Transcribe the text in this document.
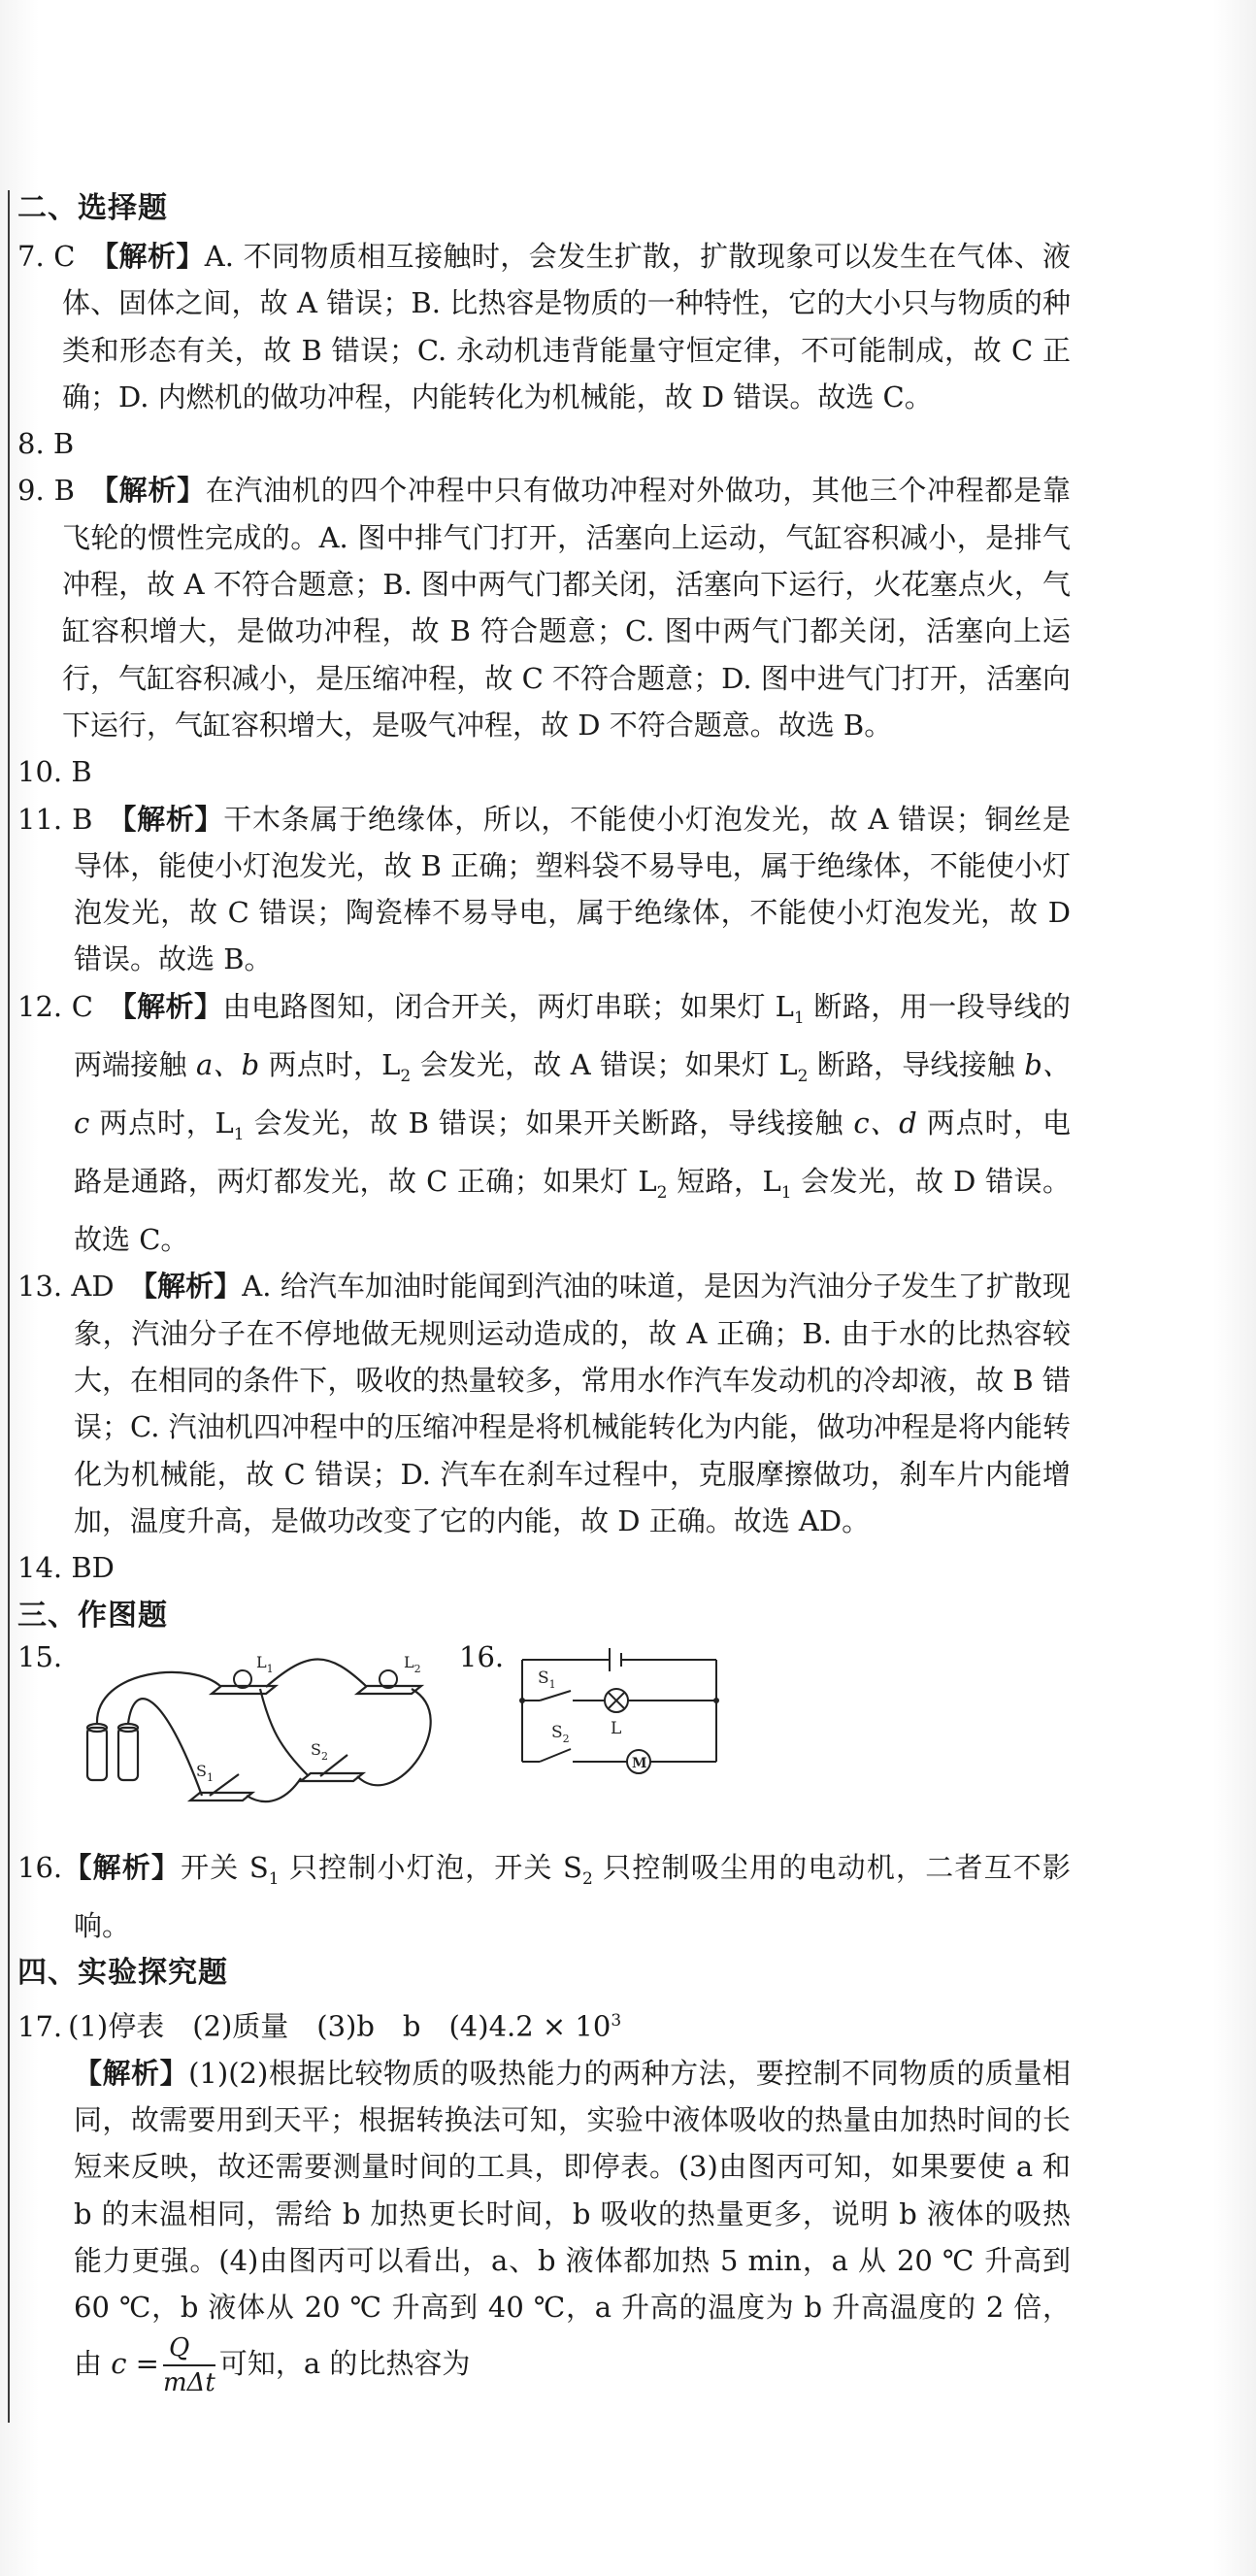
二、选择题
7. C 【解析】A. 不同物质相互接触时，会发生扩散，扩散现象可以发生在气体、液体、固体之间，故 A 错误；B. 比热容是物质的一种特性，它的大小只与物质的种类和形态有关，故 B 错误；C. 永动机违背能量守恒定律，不可能制成，故 C 正确；D. 内燃机的做功冲程，内能转化为机械能，故 D 错误。故选 C。
8. B
9. B 【解析】在汽油机的四个冲程中只有做功冲程对外做功，其他三个冲程都是靠飞轮的惯性完成的。A. 图中排气门打开，活塞向上运动，气缸容积减小，是排气冲程，故 A 不符合题意；B. 图中两气门都关闭，活塞向下运行，火花塞点火，气缸容积增大，是做功冲程，故 B 符合题意；C. 图中两气门都关闭，活塞向上运行，气缸容积减小，是压缩冲程，故 C 不符合题意；D. 图中进气门打开，活塞向下运行，气缸容积增大，是吸气冲程，故 D 不符合题意。故选 B。
10. B
11. B 【解析】干木条属于绝缘体，所以，不能使小灯泡发光，故 A 错误；铜丝是导体，能使小灯泡发光，故 B 正确；塑料袋不易导电，属于绝缘体，不能使小灯泡发光，故 C 错误；陶瓷棒不易导电，属于绝缘体，不能使小灯泡发光，故 D 错误。故选 B。
12. C 【解析】由电路图知，闭合开关，两灯串联；如果灯 $L_1$ 断路，用一段导线的两端接触 a、b 两点时，$L_2$ 会发光，故 A 错误；如果灯 $L_2$ 断路，导线接触 b、c 两点时，$L_1$ 会发光，故 B 错误；如果开关断路，导线接触 c、d 两点时，电路是通路，两灯都发光，故 C 正确；如果灯 $L_2$ 短路，$L_1$ 会发光，故 D 错误。故选 C。
13. AD 【解析】A. 给汽车加油时能闻到汽油的味道，是因为汽油分子发生了扩散现象，汽油分子在不停地做无规则运动造成的，故 A 正确；B. 由于水的比热容较大，在相同的条件下，吸收的热量较多，常用水作汽车发动机的冷却液，故 B 错误；C. 汽油机四冲程中的压缩冲程是将机械能转化为内能，做功冲程是将内能转化为机械能，故 C 错误；D. 汽车在刹车过程中，克服摩擦做功，刹车片内能增加，温度升高，是做功改变了它的内能，故 D 正确。故选 AD。
14. BD
三、作图题
15.	$L_1$	$L_2$
$S_1$
$S_2$
16.
$S_1$
$S_2$
L
M
16.【解析】开关 $S_1$ 只控制小灯泡，开关 $S_2$ 只控制吸尘用的电动机，二者互不影响。
四、实验探究题
17. (1)停表　(2)质量　(3)b　b　$(4)4.2 \times 10^3$
【解析】(1)(2)根据比较物质的吸热能力的两种方法，要控制不同物质的质量相同，故需要用到天平；根据转换法可知，实验中液体吸收的热量由加热时间的长短来反映，故还需要测量时间的工具，即停表。(3)由图丙可知，如果要使 a 和 b 的末温相同，需给 b 加热更长时间，b 吸收的热量更多，说明 b 液体的吸热能力更强。(4)由图丙可以看出，a、b 液体都加热 5 min，a 从 20 ℃ 升高到 60 ℃，b 液体从 20 ℃ 升高到 40 ℃，a 升高的温度为 b 升高温度的 2 倍，由 $c = \frac{Q}{\text{mΔt}}$ 可知，a 的比热容为
